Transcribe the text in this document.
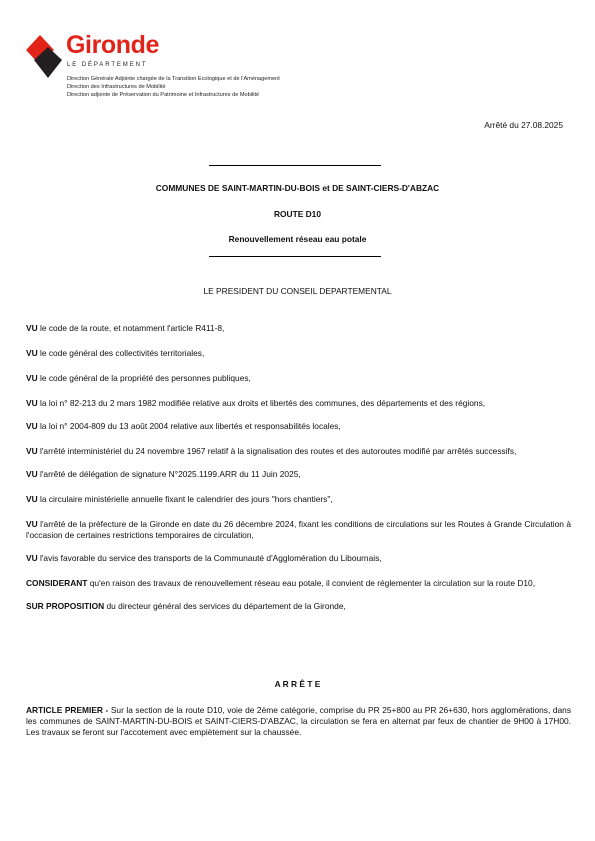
Gironde
LE DÉPARTEMENT
Direction Générale Adjointe chargée de la Transition Ecologique et de l'Aménagement
Direction des Infrastructures de Mobilité
Direction adjointe de Préservation du Patrimoine et Infrastructures de Mobilité
Arrêté du 27.08.2025
COMMUNES DE SAINT-MARTIN-DU-BOIS et DE SAINT-CIERS-D'ABZAC
ROUTE D10
Renouvellement réseau eau potale
LE PRESIDENT DU CONSEIL DEPARTEMENTAL
VU le code de la route, et notamment l'article R411-8,
VU le code général des collectivités territoriales,
VU le code général de la propriété des personnes publiques,
VU la loi n° 82-213 du 2 mars 1982 modifiée relative aux droits et libertés des communes, des départements et des régions,
VU la loi n° 2004-809 du 13 août 2004 relative aux libertés et responsabilités locales,
VU l'arrêté interministériel du 24 novembre 1967 relatif à la signalisation des routes et des autoroutes modifié par arrêtés successifs,
VU l'arrêté de délégation de signature N°2025.1199.ARR du 11 Juin 2025,
VU la circulaire ministérielle annuelle fixant le calendrier des jours "hors chantiers",
VU l'arrêté de la préfecture de la Gironde en date du 26 décembre 2024, fixant les conditions de circulations sur les Routes à Grande Circulation à l'occasion de certaines restrictions temporaires de circulation,
VU l'avis favorable du service des transports de la Communauté d'Agglomération du Libournais,
CONSIDERANT qu'en raison des travaux de renouvellement réseau eau potale, il convient de réglementer la circulation sur la route D10,
SUR PROPOSITION du directeur général des services du département de la Gironde,
A R R Ê T E
ARTICLE PREMIER - Sur la section de la route D10, voie de 2ème catégorie, comprise du PR 25+800 au PR 26+630, hors agglomérations, dans les communes de SAINT-MARTIN-DU-BOIS et SAINT-CIERS-D'ABZAC, la circulation se fera en alternat par feux de chantier de 9H00 à 17H00. Les travaux se feront sur l'accotement avec empiètement sur la chaussée.
